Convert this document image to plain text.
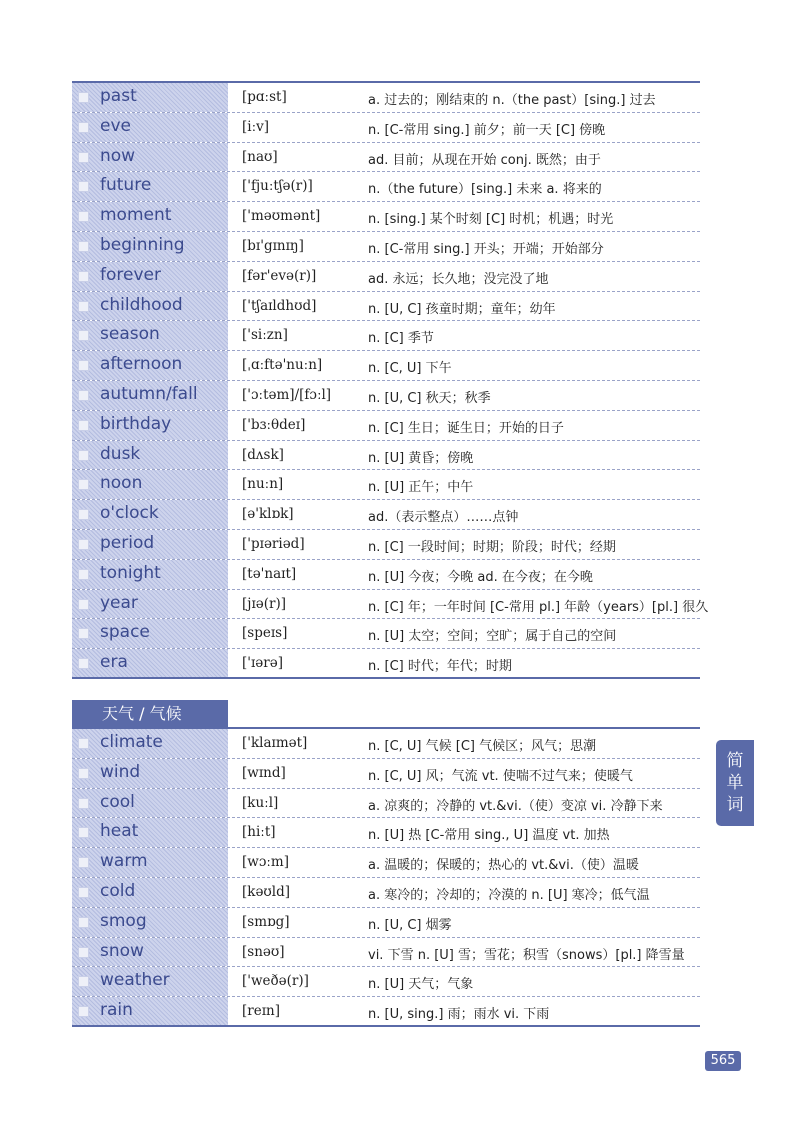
past	[pɑːst]	a. 过去的；刚结束的 n.（the past）[sing.] 过去
eve	[iːv]	n. [C-常用 sing.] 前夕；前一天 [C] 傍晚
now	[naʊ]	ad. 目前；从现在开始 conj. 既然；由于
future	['fjuːtʃə(r)]	n.（the future）[sing.] 未来 a. 将来的
moment	['məʊmənt]	n. [sing.] 某个时刻 [C] 时机；机遇；时光
beginning	[bɪ'gɪnɪŋ]	n. [C-常用 sing.] 开头；开端；开始部分
forever	[fər'evə(r)]	ad. 永远；长久地；没完没了地
childhood	['tʃaɪldhʊd]	n. [U, C] 孩童时期；童年；幼年
season	['siːzn]	n. [C] 季节
afternoon	[ˌɑːftə'nuːn]	n. [C, U] 下午
autumn/fall	['ɔːtəm]/[fɔːl]	n. [U, C] 秋天；秋季
birthday	['bɜːθdeɪ]	n. [C] 生日；诞生日；开始的日子
dusk	[dʌsk]	n. [U] 黄昏；傍晚
noon	[nuːn]	n. [U] 正午；中午
o'clock	[ə'klɒk]	ad.（表示整点）……点钟
period	['pɪəriəd]	n. [C] 一段时间；时期；阶段；时代；经期
tonight	[tə'naɪt]	n. [U] 今夜；今晚 ad. 在今夜；在今晚
year	[jɪə(r)]	n. [C] 年；一年时间 [C-常用 pl.] 年龄（years）[pl.] 很久
space	[speɪs]	n. [U] 太空；空间；空旷；属于自己的空间
era	['ɪərə]	n. [C] 时代；年代；时期
天气 / 气候
climate	['klaɪmət]	n. [C, U] 气候 [C] 气候区；风气；思潮
wind	[wɪnd]	n. [C, U] 风；气流 vt. 使喘不过气来；使暖气
cool	[kuːl]	a. 凉爽的；冷静的 vt.&vi.（使）变凉 vi. 冷静下来
heat	[hiːt]	n. [U] 热 [C-常用 sing., U] 温度 vt. 加热
warm	[wɔːm]	a. 温暖的；保暖的；热心的 vt.&vi.（使）温暖
cold	[kəʊld]	a. 寒冷的；冷却的；冷漠的 n. [U] 寒冷；低气温
smog	[smɒg]	n. [U, C] 烟雾
snow	[snəʊ]	vi. 下雪 n. [U] 雪；雪花；积雪（snows）[pl.] 降雪量
weather	['weðə(r)]	n. [U] 天气；气象
rain	[reɪn]	n. [U, sing.] 雨；雨水 vi. 下雨
简
单
词
565
